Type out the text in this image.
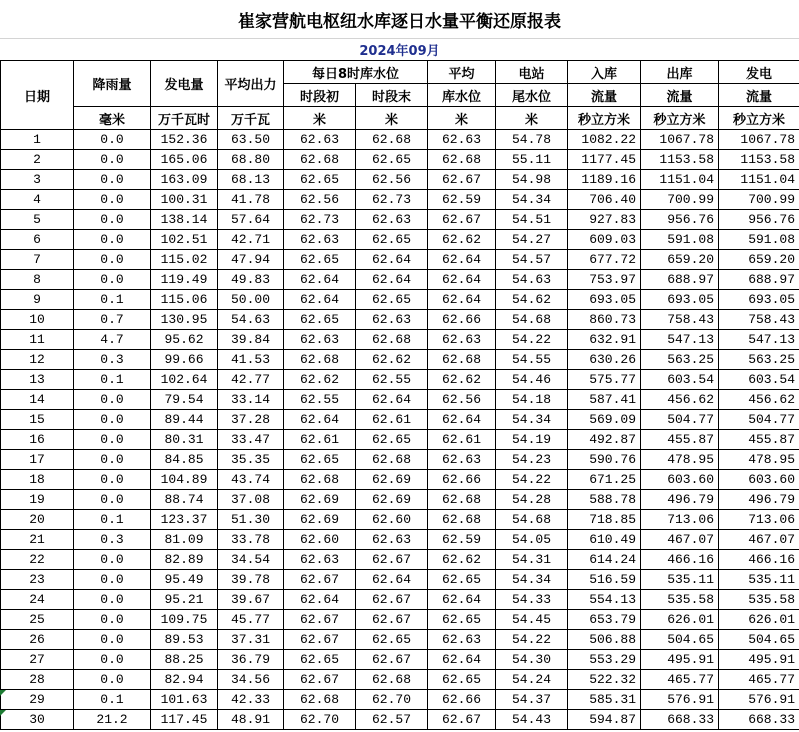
崔家营航电枢纽水库逐日水量平衡还原报表
2024年09月
日期	降雨量	发电量	平均出力	每日8时库水位		平均	电站	入库	出库	发电
				时段初	时段末	库水位	尾水位	流量	流量	流量
	毫米	万千瓦时	万千瓦	米	米	米	米	秒立方米	秒立方米	秒立方米
1	0.0	152.36	63.50	62.63	62.68	62.63	54.78	1082.22	1067.78	1067.78
2	0.0	165.06	68.80	62.68	62.65	62.68	55.11	1177.45	1153.58	1153.58
3	0.0	163.09	68.13	62.65	62.56	62.67	54.98	1189.16	1151.04	1151.04
4	0.0	100.31	41.78	62.56	62.73	62.59	54.34	706.40	700.99	700.99
5	0.0	138.14	57.64	62.73	62.63	62.67	54.51	927.83	956.76	956.76
6	0.0	102.51	42.71	62.63	62.65	62.62	54.27	609.03	591.08	591.08
7	0.0	115.02	47.94	62.65	62.64	62.64	54.57	677.72	659.20	659.20
8	0.0	119.49	49.83	62.64	62.64	62.64	54.63	753.97	688.97	688.97
9	0.1	115.06	50.00	62.64	62.65	62.64	54.62	693.05	693.05	693.05
10	0.7	130.95	54.63	62.65	62.63	62.66	54.68	860.73	758.43	758.43
11	4.7	95.62	39.84	62.63	62.68	62.63	54.22	632.91	547.13	547.13
12	0.3	99.66	41.53	62.68	62.62	62.68	54.55	630.26	563.25	563.25
13	0.1	102.64	42.77	62.62	62.55	62.62	54.46	575.77	603.54	603.54
14	0.0	79.54	33.14	62.55	62.64	62.56	54.18	587.41	456.62	456.62
15	0.0	89.44	37.28	62.64	62.61	62.64	54.34	569.09	504.77	504.77
16	0.0	80.31	33.47	62.61	62.65	62.61	54.19	492.87	455.87	455.87
17	0.0	84.85	35.35	62.65	62.68	62.63	54.23	590.76	478.95	478.95
18	0.0	104.89	43.74	62.68	62.69	62.66	54.22	671.25	603.60	603.60
19	0.0	88.74	37.08	62.69	62.69	62.68	54.28	588.78	496.79	496.79
20	0.1	123.37	51.30	62.69	62.60	62.68	54.68	718.85	713.06	713.06
21	0.3	81.09	33.78	62.60	62.63	62.59	54.05	610.49	467.07	467.07
22	0.0	82.89	34.54	62.63	62.67	62.62	54.31	614.24	466.16	466.16
23	0.0	95.49	39.78	62.67	62.64	62.65	54.34	516.59	535.11	535.11
24	0.0	95.21	39.67	62.64	62.67	62.64	54.33	554.13	535.58	535.58
25	0.0	109.75	45.77	62.67	62.67	62.65	54.45	653.79	626.01	626.01
26	0.0	89.53	37.31	62.67	62.65	62.63	54.22	506.88	504.65	504.65
27	0.0	88.25	36.79	62.65	62.67	62.64	54.30	553.29	495.91	495.91
28	0.0	82.94	34.56	62.67	62.68	62.65	54.24	522.32	465.77	465.77
29	0.1	101.63	42.33	62.68	62.70	62.66	54.37	585.31	576.91	576.91
30	21.2	117.45	48.91	62.70	62.57	62.67	54.43	594.87	668.33	668.33
